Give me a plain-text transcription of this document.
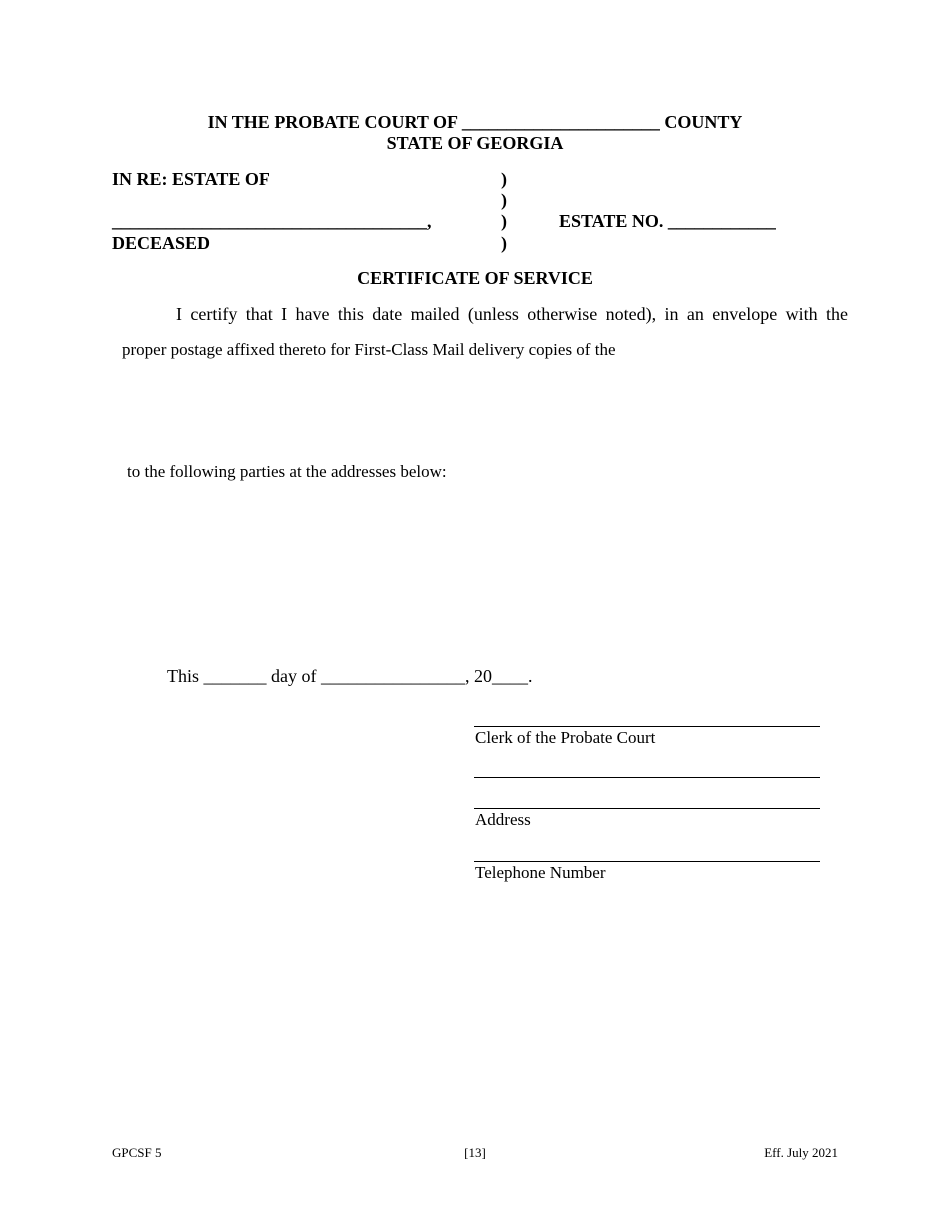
IN THE PROBATE COURT OF ______________________ COUNTY
STATE OF GEORGIA
IN RE: ESTATE OF	)
)
___________________________________,	)	ESTATE NO. ____________
DECEASED	)
CERTIFICATE OF SERVICE
I certify that I have this date mailed (unless otherwise noted), in an envelope with the
proper postage affixed thereto for First-Class Mail delivery copies of the
to the following parties at the addresses below:
This _______ day of ________________, 20____.
Clerk of the Probate Court
Address
Telephone Number
GPCSF 5	[13]	Eff. July 2021
